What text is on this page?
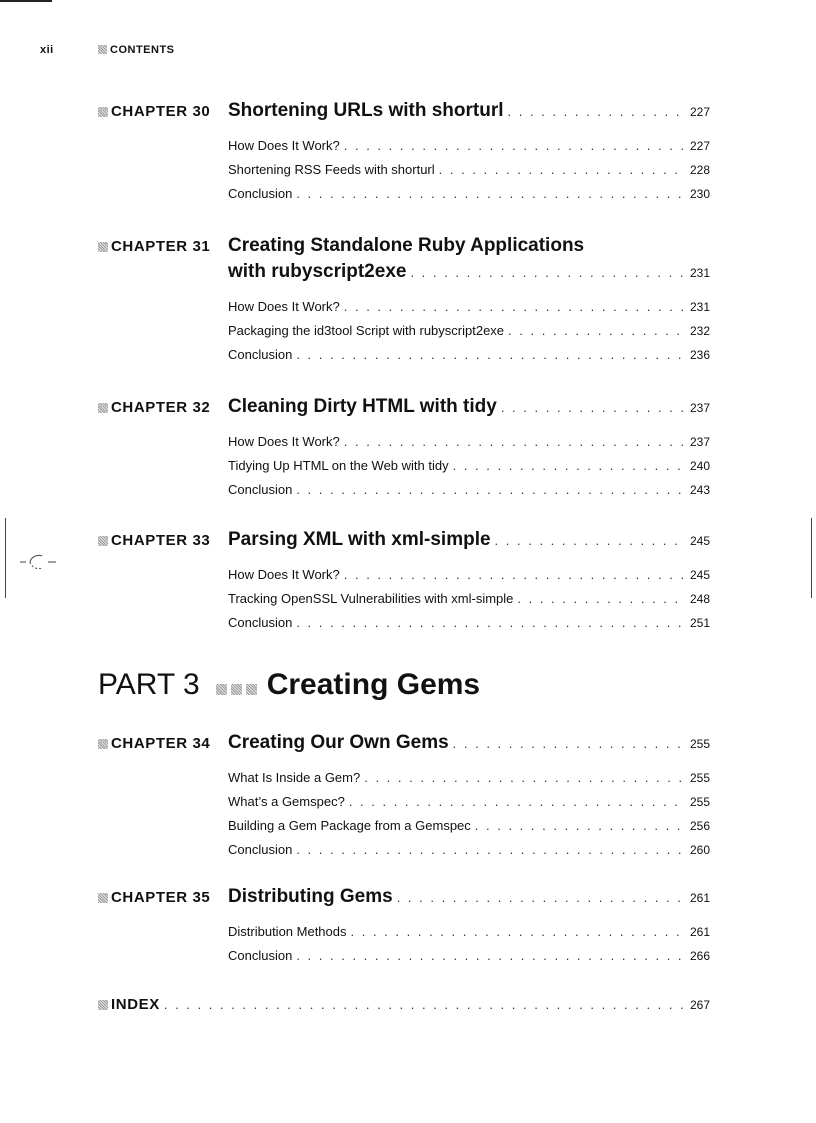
xii	CONTENTS
CHAPTER 30 Shortening URLs with shorturl . . .	227
How Does It Work? . . .	227
Shortening RSS Feeds with shorturl . . .	228
Conclusion . . .	230
CHAPTER 31 Creating Standalone Ruby Applications
with rubyscript2exe . . .	231
How Does It Work? . . .	231
Packaging the id3tool Script with rubyscript2exe . . .	232
Conclusion . . .	236
CHAPTER 32 Cleaning Dirty HTML with tidy . . .	237
How Does It Work? . . .	237
Tidying Up HTML on the Web with tidy . . .	240
Conclusion . . .	243
CHAPTER 33 Parsing XML with xml-simple . . .	245
How Does It Work? . . .	245
Tracking OpenSSL Vulnerabilities with xml-simple . . .	248
Conclusion . . .	251
PART 3 Creating Gems
CHAPTER 34 Creating Our Own Gems . . .	255
What Is Inside a Gem? . . .	255
What’s a Gemspec? . . .	255
Building a Gem Package from a Gemspec . . .	256
Conclusion . . .	260
CHAPTER 35 Distributing Gems . . .	261
Distribution Methods . . .	261
Conclusion . . .	266
INDEX . . .	267
